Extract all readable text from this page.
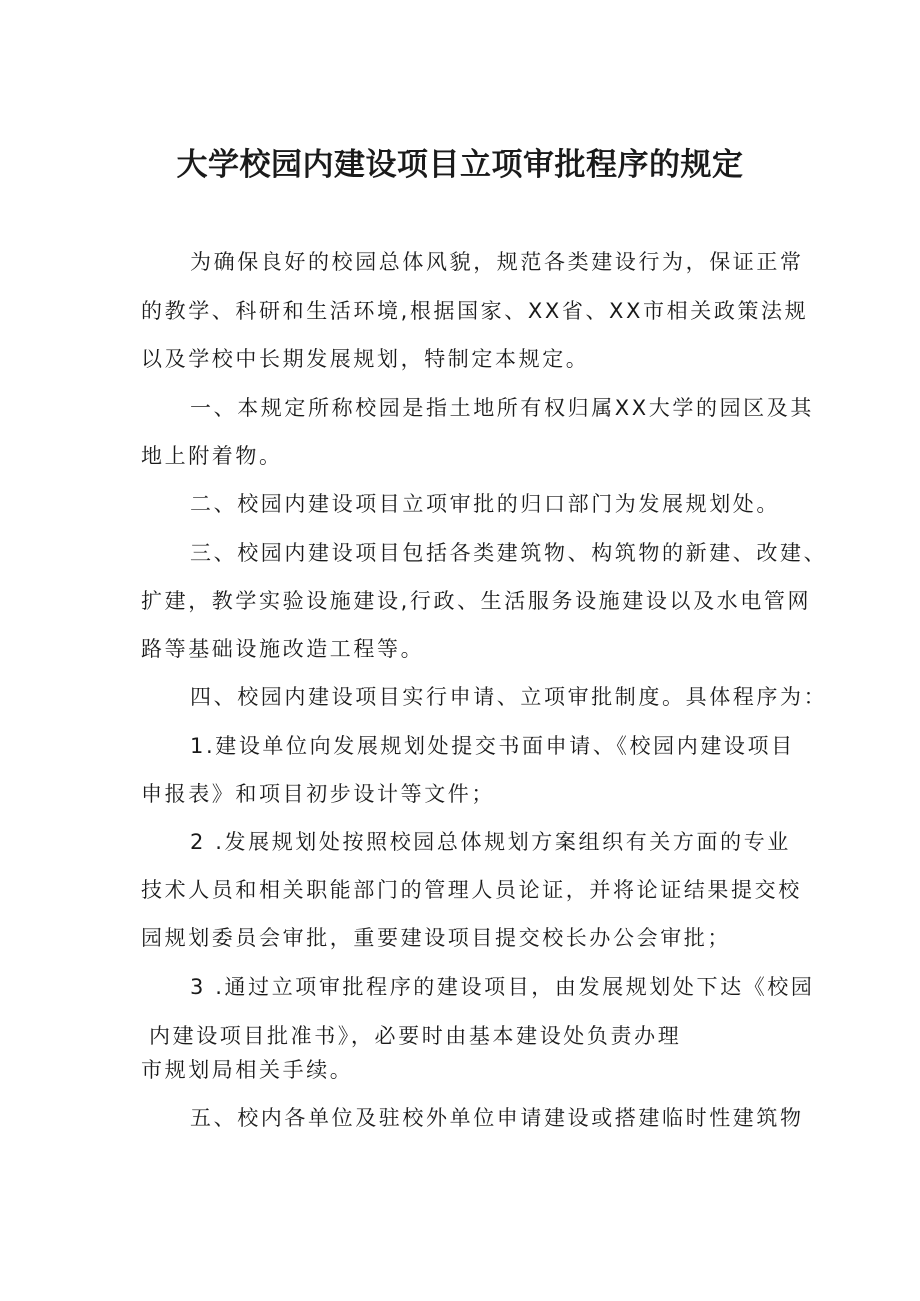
大学校园内建设项目立项审批程序的规定
为确保良好的校园总体风貌，规范各类建设行为，保证正常
的教学、科研和生活环境,根据国家、XX省、XX市相关政策法规
以及学校中长期发展规划，特制定本规定。
一、本规定所称校园是指土地所有权归属XX大学的园区及其
地上附着物。
二、校园内建设项目立项审批的归口部门为发展规划处。
三、校园内建设项目包括各类建筑物、构筑物的新建、改建、
扩建，教学实验设施建设,行政、生活服务设施建设以及水电管网
路等基础设施改造工程等。
四、校园内建设项目实行申请、立项审批制度。具体程序为：
1.建设单位向发展规划处提交书面申请、《校园内建设项目
申报表》和项目初步设计等文件；
2 .发展规划处按照校园总体规划方案组织有关方面的专业
技术人员和相关职能部门的管理人员论证，并将论证结果提交校
园规划委员会审批，重要建设项目提交校长办公会审批；
3 .通过立项审批程序的建设项目，由发展规划处下达《校园
内建设项目批准书》，必要时由基本建设处负责办理
市规划局相关手续。
五、校内各单位及驻校外单位申请建设或搭建临时性建筑物
